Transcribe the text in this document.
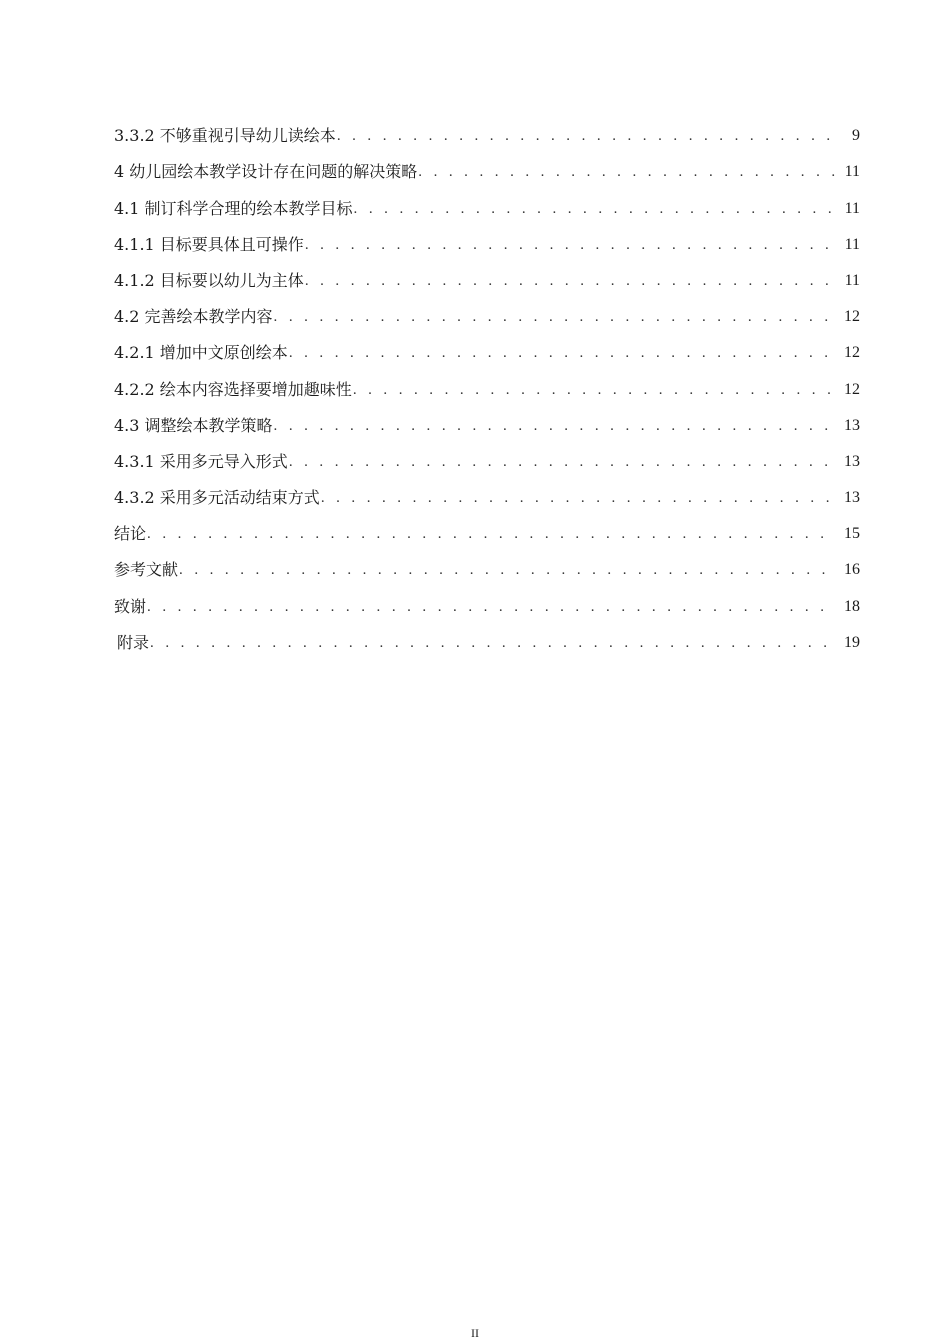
3.3.2 不够重视引导幼儿读绘本 . . .	9
4 幼儿园绘本教学设计存在问题的解决策略 . . .	11
4.1 制订科学合理的绘本教学目标 . . .	11
4.1.1 目标要具体且可操作 . . .	11
4.1.2 目标要以幼儿为主体 . . .	11
4.2 完善绘本教学内容 . . .	12
4.2.1 增加中文原创绘本 . . .	12
4.2.2 绘本内容选择要增加趣味性 . . .	12
4.3 调整绘本教学策略 . . .	13
4.3.1 采用多元导入形式 . . .	13
4.3.2 采用多元活动结束方式 . . .	13
结论 . . .	15
参考文献 . . .	16
致谢 . . .	18
附录 . . .	19
II
